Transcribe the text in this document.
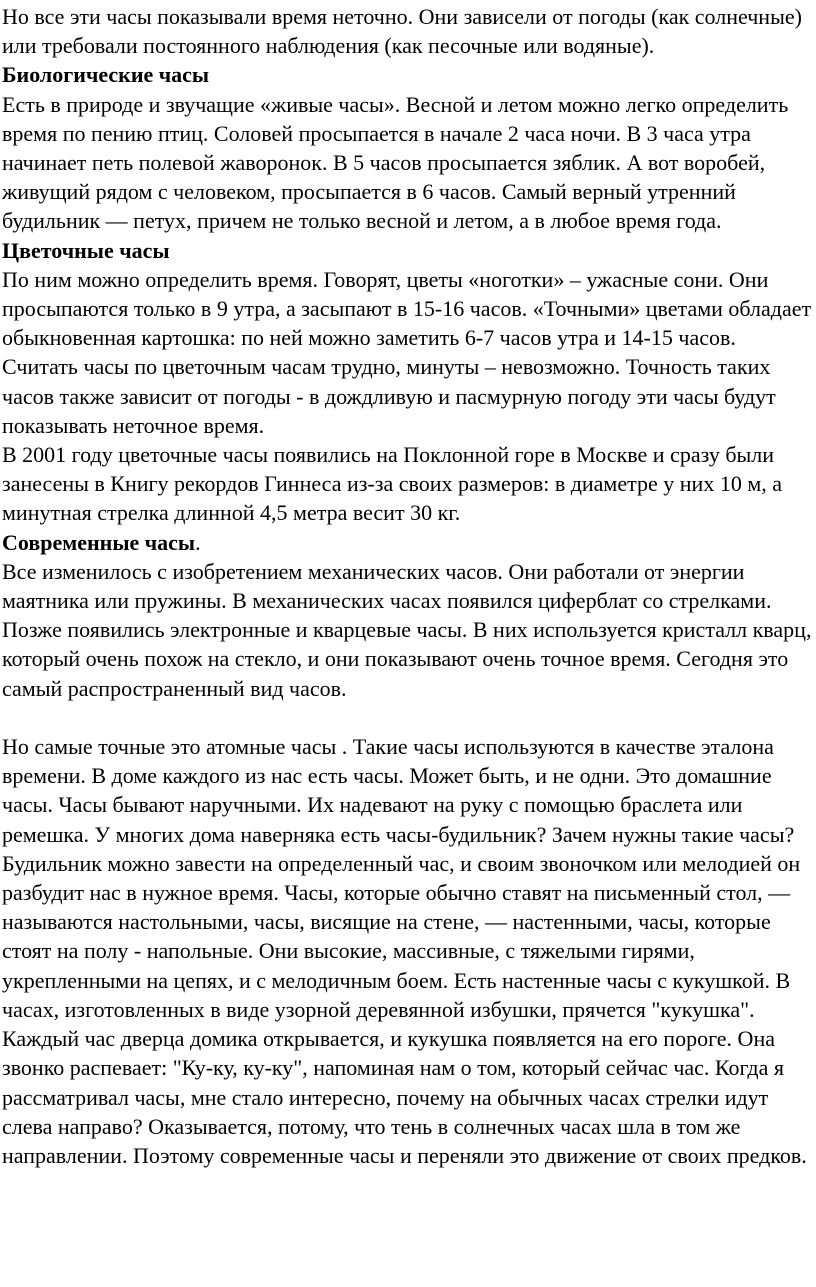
Но все эти часы показывали время неточно. Они зависели от погоды (как солнечные) или требовали постоянного наблюдения (как песочные или водяные).

Биологические часы

Есть в природе и звучащие «живые часы». Весной и летом можно легко определить время по пению птиц. Соловей просыпается в начале 2 часа ночи. В 3 часа утра начинает петь полевой жаворонок. В 5 часов просыпается зяблик. А вот воробей, живущий рядом с человеком, просыпается в 6 часов. Самый верный утренний будильник — петух, причем не только весной и летом, а в любое время года.

Цветочные часы

По ним можно определить время. Говорят, цветы «ноготки» – ужасные сони. Они просыпаются только в 9 утра, а засыпают в 15-16 часов. «Точными» цветами обладает обыкновенная картошка: по ней можно заметить 6-7 часов утра и 14-15 часов. Считать часы по цветочным часам трудно, минуты – невозможно. Точность таких часов также зависит от погоды - в дождливую и пасмурную погоду эти часы будут показывать неточное время.

В 2001 году цветочные часы появились на Поклонной горе в Москве и сразу были занесены в Книгу рекордов Гиннеса из-за своих размеров: в диаметре у них 10 м, а минутная стрелка длинной 4,5 метра весит 30 кг.

Современные часы.

Все изменилось с изобретением механических часов. Они работали от энергии маятника или пружины. В механических часах появился циферблат со стрелками.

Позже появились электронные и кварцевые часы. В них используется кристалл кварц, который очень похож на стекло, и они показывают очень точное время. Сегодня это самый распространенный вид часов.

Но самые точные это атомные часы . Такие часы используются в качестве эталона времени. В доме каждого из нас есть часы. Может быть, и не одни. Это домашние часы. Часы бывают наручными. Их надевают на руку с помощью браслета или ремешка. У многих дома наверняка есть часы-будильник? Зачем нужны такие часы? Будильник можно завести на определенный час, и своим звоночком или мелодией он разбудит нас в нужное время. Часы, которые обычно ставят на письменный стол, — называются настольными, часы, висящие на стене, — настенными, часы, которые стоят на полу - напольные. Они высокие, массивные, с тяжелыми гирями, укрепленными на цепях, и с мелодичным боем. Есть настенные часы с кукушкой. В часах, изготовленных в виде узорной деревянной избушки, прячется "кукушка". Каждый час дверца домика открывается, и кукушка появляется на его пороге. Она звонко распевает: "Ку-ку, ку-ку", напоминая нам о том, который сейчас час. Когда я рассматривал часы, мне стало интересно, почему на обычных часах стрелки идут слева направо? Оказывается, потому, что тень в солнечных часах шла в том же направлении. Поэтому современные часы и переняли это движение от своих предков.
